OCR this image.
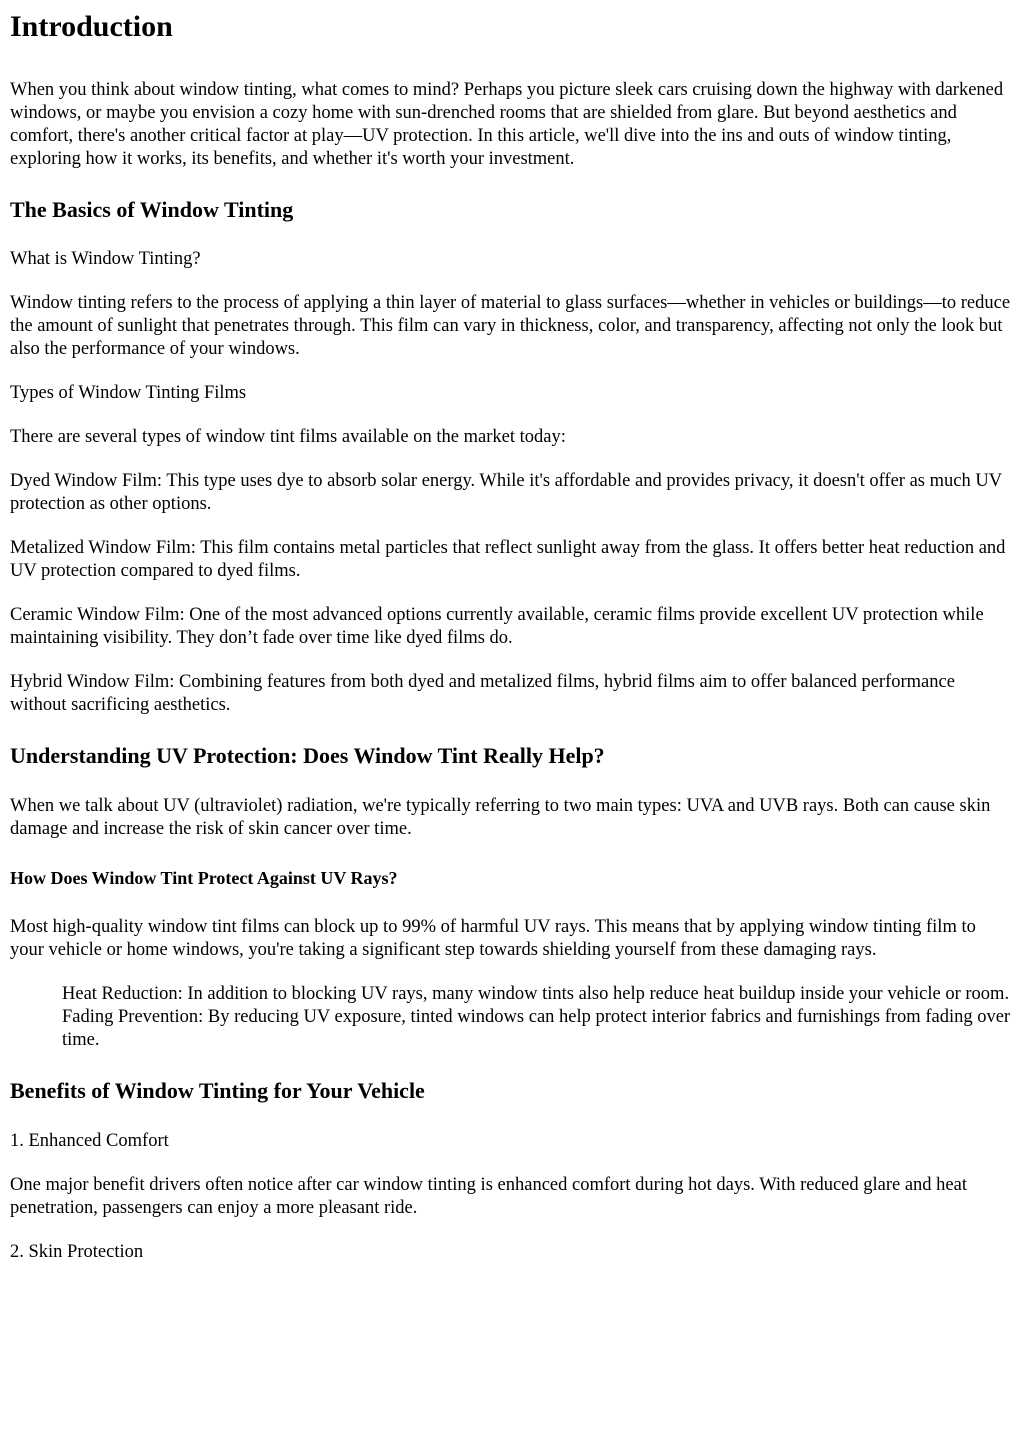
Introduction

When you think about window tinting, what comes to mind? Perhaps you picture sleek cars cruising down the highway with darkened windows, or maybe you envision a cozy home with sun-drenched rooms that are shielded from glare. But beyond aesthetics and comfort, there's another critical factor at play—UV protection. In this article, we'll dive into the ins and outs of window tinting, exploring how it works, its benefits, and whether it's worth your investment.

The Basics of Window Tinting

What is Window Tinting?

Window tinting refers to the process of applying a thin layer of material to glass surfaces—whether in vehicles or buildings—to reduce the amount of sunlight that penetrates through. This film can vary in thickness, color, and transparency, affecting not only the look but also the performance of your windows.

Types of Window Tinting Films

There are several types of window tint films available on the market today:

Dyed Window Film: This type uses dye to absorb solar energy. While it's affordable and provides privacy, it doesn't offer as much UV protection as other options.

Metalized Window Film: This film contains metal particles that reflect sunlight away from the glass. It offers better heat reduction and UV protection compared to dyed films.

Ceramic Window Film: One of the most advanced options currently available, ceramic films provide excellent UV protection while maintaining visibility. They don’t fade over time like dyed films do.

Hybrid Window Film: Combining features from both dyed and metalized films, hybrid films aim to offer balanced performance without sacrificing aesthetics.

Understanding UV Protection: Does Window Tint Really Help?

When we talk about UV (ultraviolet) radiation, we're typically referring to two main types: UVA and UVB rays. Both can cause skin damage and increase the risk of skin cancer over time.

How Does Window Tint Protect Against UV Rays?

Most high-quality window tint films can block up to 99% of harmful UV rays. This means that by applying window tinting film to your vehicle or home windows, you're taking a significant step towards shielding yourself from these damaging rays.

Heat Reduction: In addition to blocking UV rays, many window tints also help reduce heat buildup inside your vehicle or room. Fading Prevention: By reducing UV exposure, tinted windows can help protect interior fabrics and furnishings from fading over time.
Benefits of Window Tinting for Your Vehicle

1. Enhanced Comfort

One major benefit drivers often notice after car window tinting is enhanced comfort during hot days. With reduced glare and heat penetration, passengers can enjoy a more pleasant ride.

2. Skin Protection
